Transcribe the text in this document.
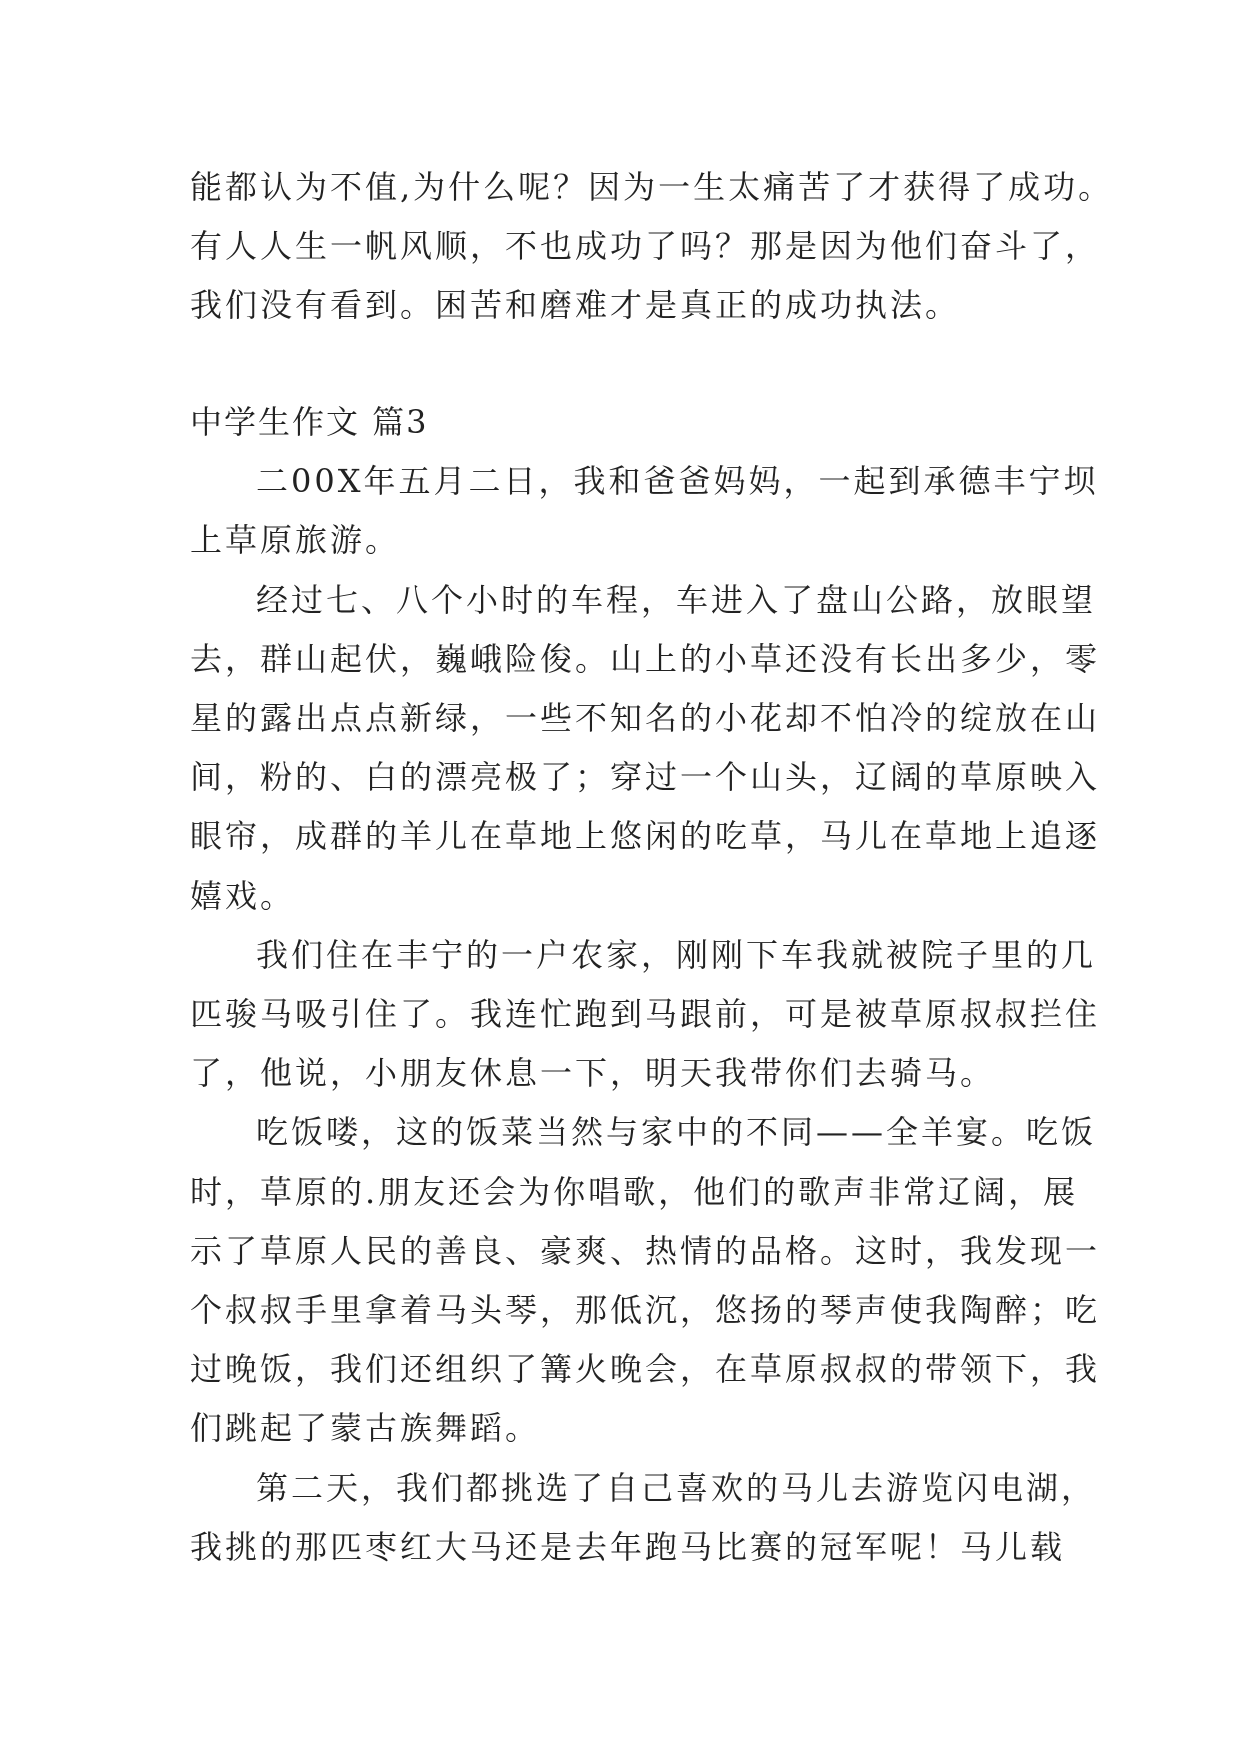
能都认为不值,为什么呢？因为一生太痛苦了才获得了成功。
有人人生一帆风顺，不也成功了吗？那是因为他们奋斗了，
我们没有看到。困苦和磨难才是真正的成功执法。
中学生作文 篇3
二00X年五月二日，我和爸爸妈妈，一起到承德丰宁坝
上草原旅游。
经过七、八个小时的车程，车进入了盘山公路，放眼望
去，群山起伏，巍峨险俊。山上的小草还没有长出多少，零
星的露出点点新绿，一些不知名的小花却不怕冷的绽放在山
间，粉的、白的漂亮极了；穿过一个山头，辽阔的草原映入
眼帘，成群的羊儿在草地上悠闲的吃草，马儿在草地上追逐
嬉戏。
我们住在丰宁的一户农家，刚刚下车我就被院子里的几
匹骏马吸引住了。我连忙跑到马跟前，可是被草原叔叔拦住
了，他说，小朋友休息一下，明天我带你们去骑马。
吃饭喽，这的饭菜当然与家中的不同——全羊宴。吃饭
时，草原的.朋友还会为你唱歌，他们的歌声非常辽阔，展
示了草原人民的善良、豪爽、热情的品格。这时，我发现一
个叔叔手里拿着马头琴，那低沉，悠扬的琴声使我陶醉；吃
过晚饭，我们还组织了篝火晚会，在草原叔叔的带领下，我
们跳起了蒙古族舞蹈。
第二天，我们都挑选了自己喜欢的马儿去游览闪电湖，
我挑的那匹枣红大马还是去年跑马比赛的冠军呢！马儿载
